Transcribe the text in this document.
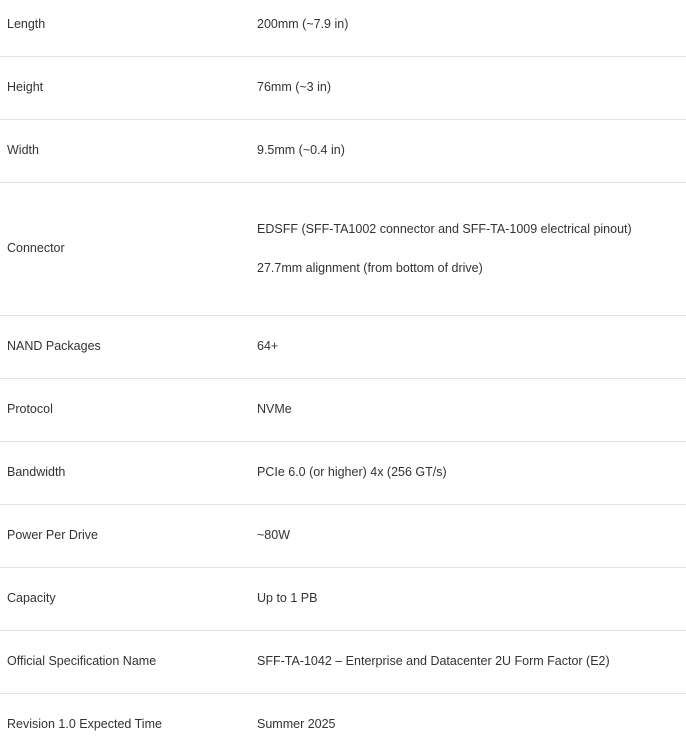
Length	200mm (~7.9 in)

Height	76mm (~3 in)

Width	9.5mm (~0.4 in)

Connector	EDSFF (SFF-TA1002 connector and SFF-TA-1009 electrical pinout)
27.7mm alignment (from bottom of drive)

NAND Packages	64+

Protocol	NVMe

Bandwidth	PCIe 6.0 (or higher) 4x (256 GT/s)

Power Per Drive	~80W

Capacity	Up to 1 PB

Official Specification Name	SFF-TA-1042 – Enterprise and Datacenter 2U Form Factor (E2)

Revision 1.0 Expected Time	Summer 2025
